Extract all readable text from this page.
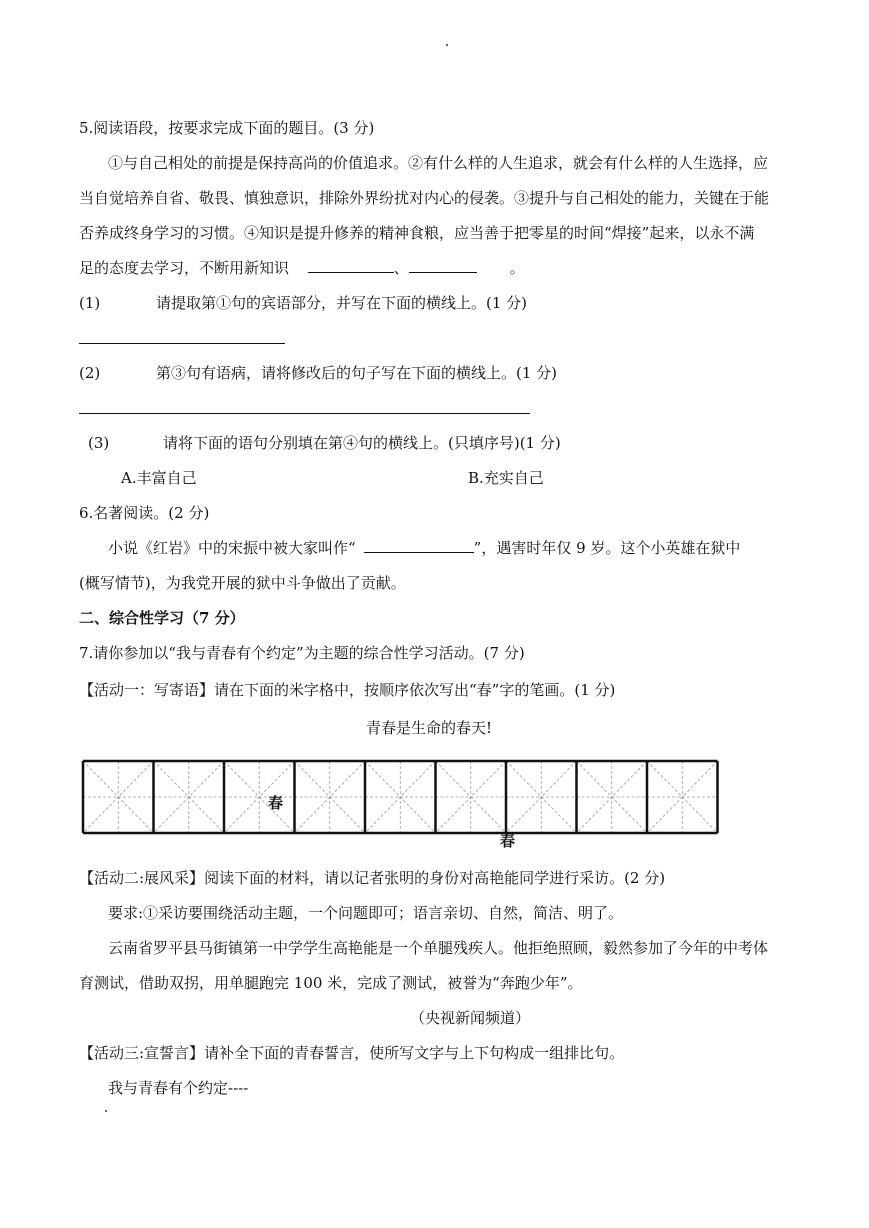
5.阅读语段，按要求完成下面的题目。(3 分)
①与自己相处的前提是保持高尚的价值追求。②有什么样的人生追求，就会有什么样的人生选择，应
当自觉培养自省、敬畏、慎独意识，排除外界纷扰对内心的侵袭。③提升与自己相处的能力，关键在于能
否养成终身学习的习惯。④知识是提升修养的精神食粮，应当善于把零星的时间“焊接”起来，以永不满
足的态度去学习，不断用新知识	、	。
(1)	请提取第①句的宾语部分，并写在下面的横线上。(1 分)
(2)	第③句有语病，请将修改后的句子写在下面的横线上。(1 分)
(3)	请将下面的语句分别填在第④句的横线上。(只填序号)(1 分)
A.丰富自己	B.充实自己
6.名著阅读。(2 分)
小说《红岩》中的宋振中被大家叫作“	”，遇害时年仅 9 岁。这个小英雄在狱中
(概写情节)，为我党开展的狱中斗争做出了贡献。
二、综合性学习（7 分）
7.请你参加以“我与青春有个约定”为主题的综合性学习活动。(7 分)
【活动一：写寄语】请在下面的米字格中，按顺序依次写出“春”字的笔画。(1 分)
青春是生命的春天!
春
春
【活动二:展风采】阅读下面的材料，请以记者张明的身份对高艳能同学进行采访。(2 分)
要求:①采访要围绕活动主题，一个问题即可；语言亲切、自然，简洁、明了。
云南省罗平县马街镇第一中学学生高艳能是一个单腿残疾人。他拒绝照顾，毅然参加了今年的中考体
育测试，借助双拐，用单腿跑完 100 米，完成了测试，被誉为“奔跑少年”。
（央视新闻频道）
【活动三:宣誓言】请补全下面的青春誓言，使所写文字与上下句构成一组排比句。
我与青春有个约定----
